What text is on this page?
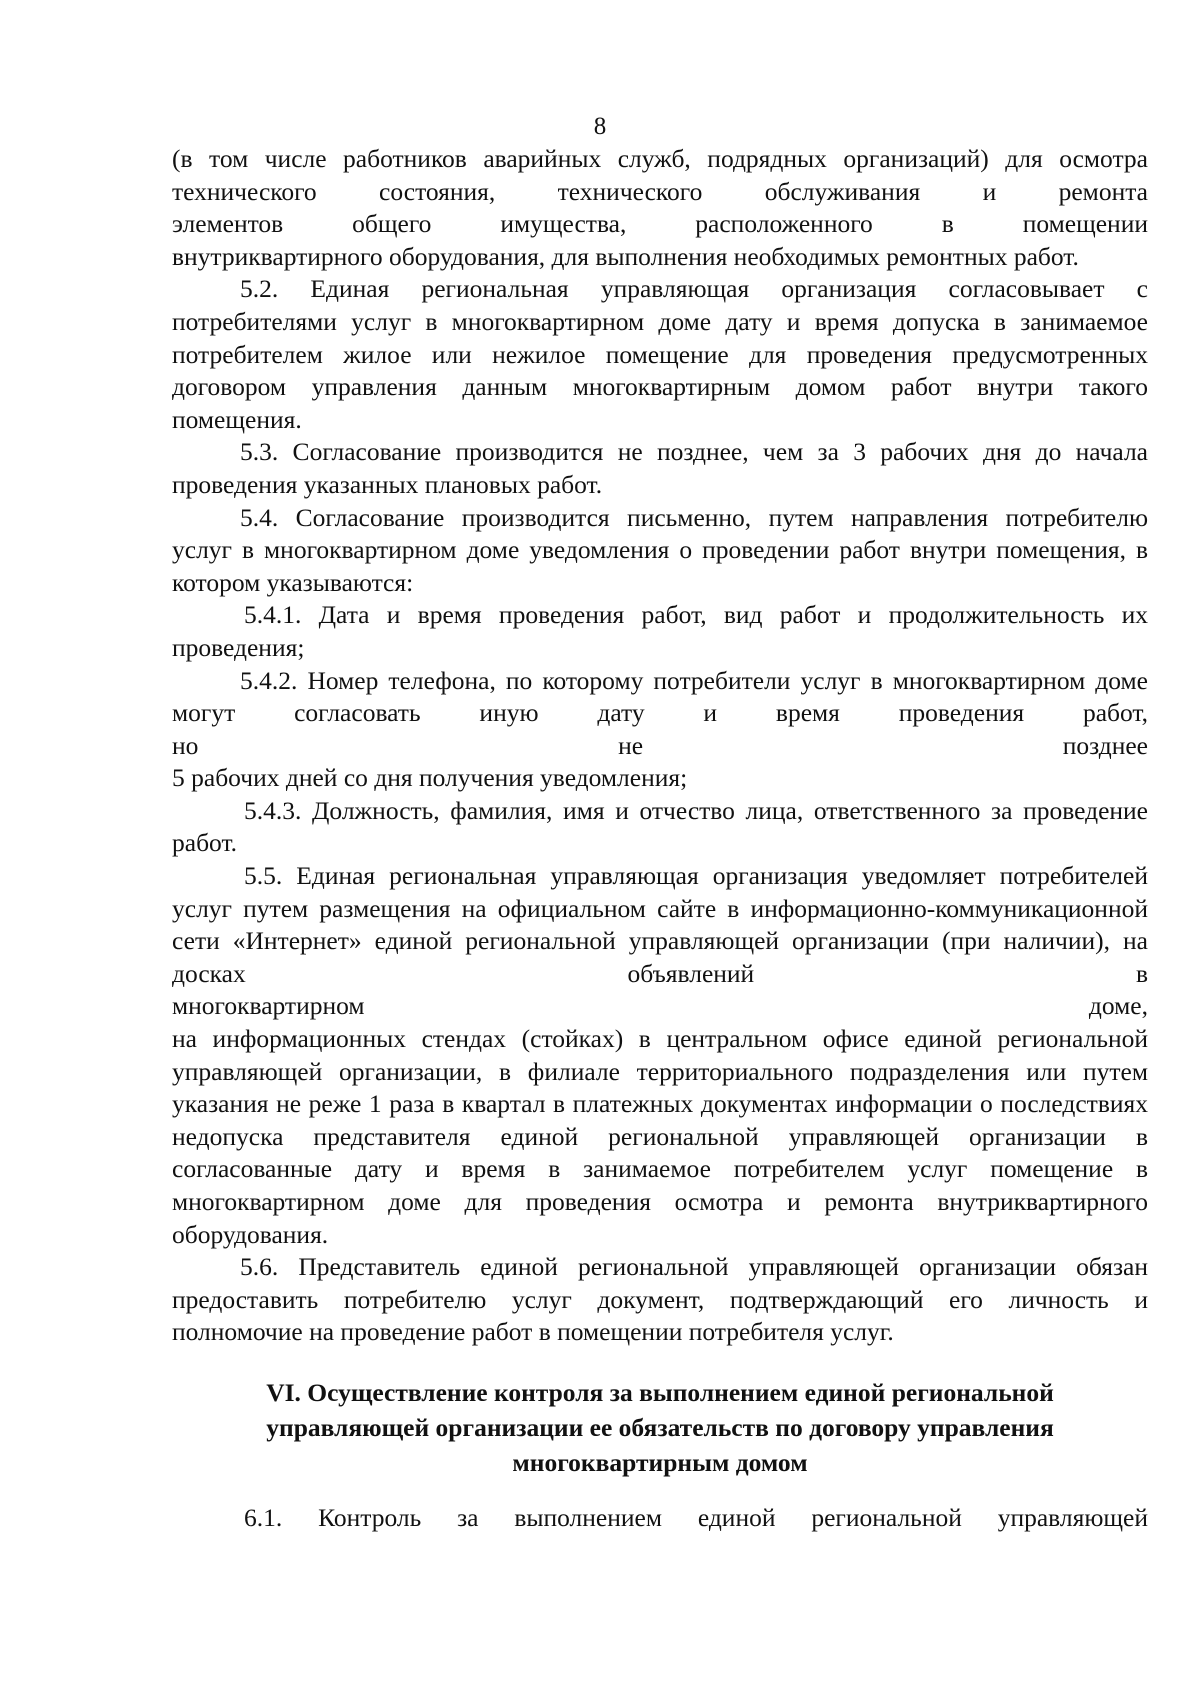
8

(в том числе работников аварийных служб, подрядных организаций) для осмотра технического состояния, технического обслуживания и ремонта

элементов общего имущества, расположенного в помещении

внутриквартирного оборудования, для выполнения необходимых ремонтных работ.

5.2. Единая региональная управляющая организация согласовывает с потребителями услуг в многоквартирном доме дату и время допуска в занимаемое потребителем жилое или нежилое помещение для проведения предусмотренных договором управления данным многоквартирным домом работ внутри такого помещения.

5.3. Согласование производится не позднее, чем за 3 рабочих дня до начала проведения указанных плановых работ.

5.4. Согласование производится письменно, путем направления потребителю услуг в многоквартирном доме уведомления о проведении работ внутри помещения, в котором указываются:

5.4.1. Дата и время проведения работ, вид работ и продолжительность их проведения;

5.4.2. Номер телефона, по которому потребители услуг в многоквартирном доме могут согласовать иную дату и время проведения работ,

но не позднее

5 рабочих дней со дня получения уведомления;

5.4.3. Должность, фамилия, имя и отчество лица, ответственного за проведение работ.

5.5. Единая региональная управляющая организация уведомляет потребителей услуг путем размещения на официальном сайте в информационно-коммуникационной сети «Интернет» единой региональной управляющей организации (при наличии), на досках объявлений в

многоквартирном доме,

на информационных стендах (стойках) в центральном офисе единой региональной управляющей организации, в филиале территориального подразделения или путем указания не реже 1 раза в квартал в платежных документах информации о последствиях недопуска представителя единой региональной управляющей организации в согласованные дату и время в занимаемое потребителем услуг помещение в многоквартирном доме для проведения осмотра и ремонта внутриквартирного оборудования.

5.6. Представитель единой региональной управляющей организации обязан предоставить потребителю услуг документ, подтверждающий его личность и полномочие на проведение работ в помещении потребителя услуг.

VI. Осуществление контроля за выполнением единой региональной управляющей организации ее обязательств по договору управления многоквартирным домом

6.1. Контроль за выполнением единой региональной управляющей
